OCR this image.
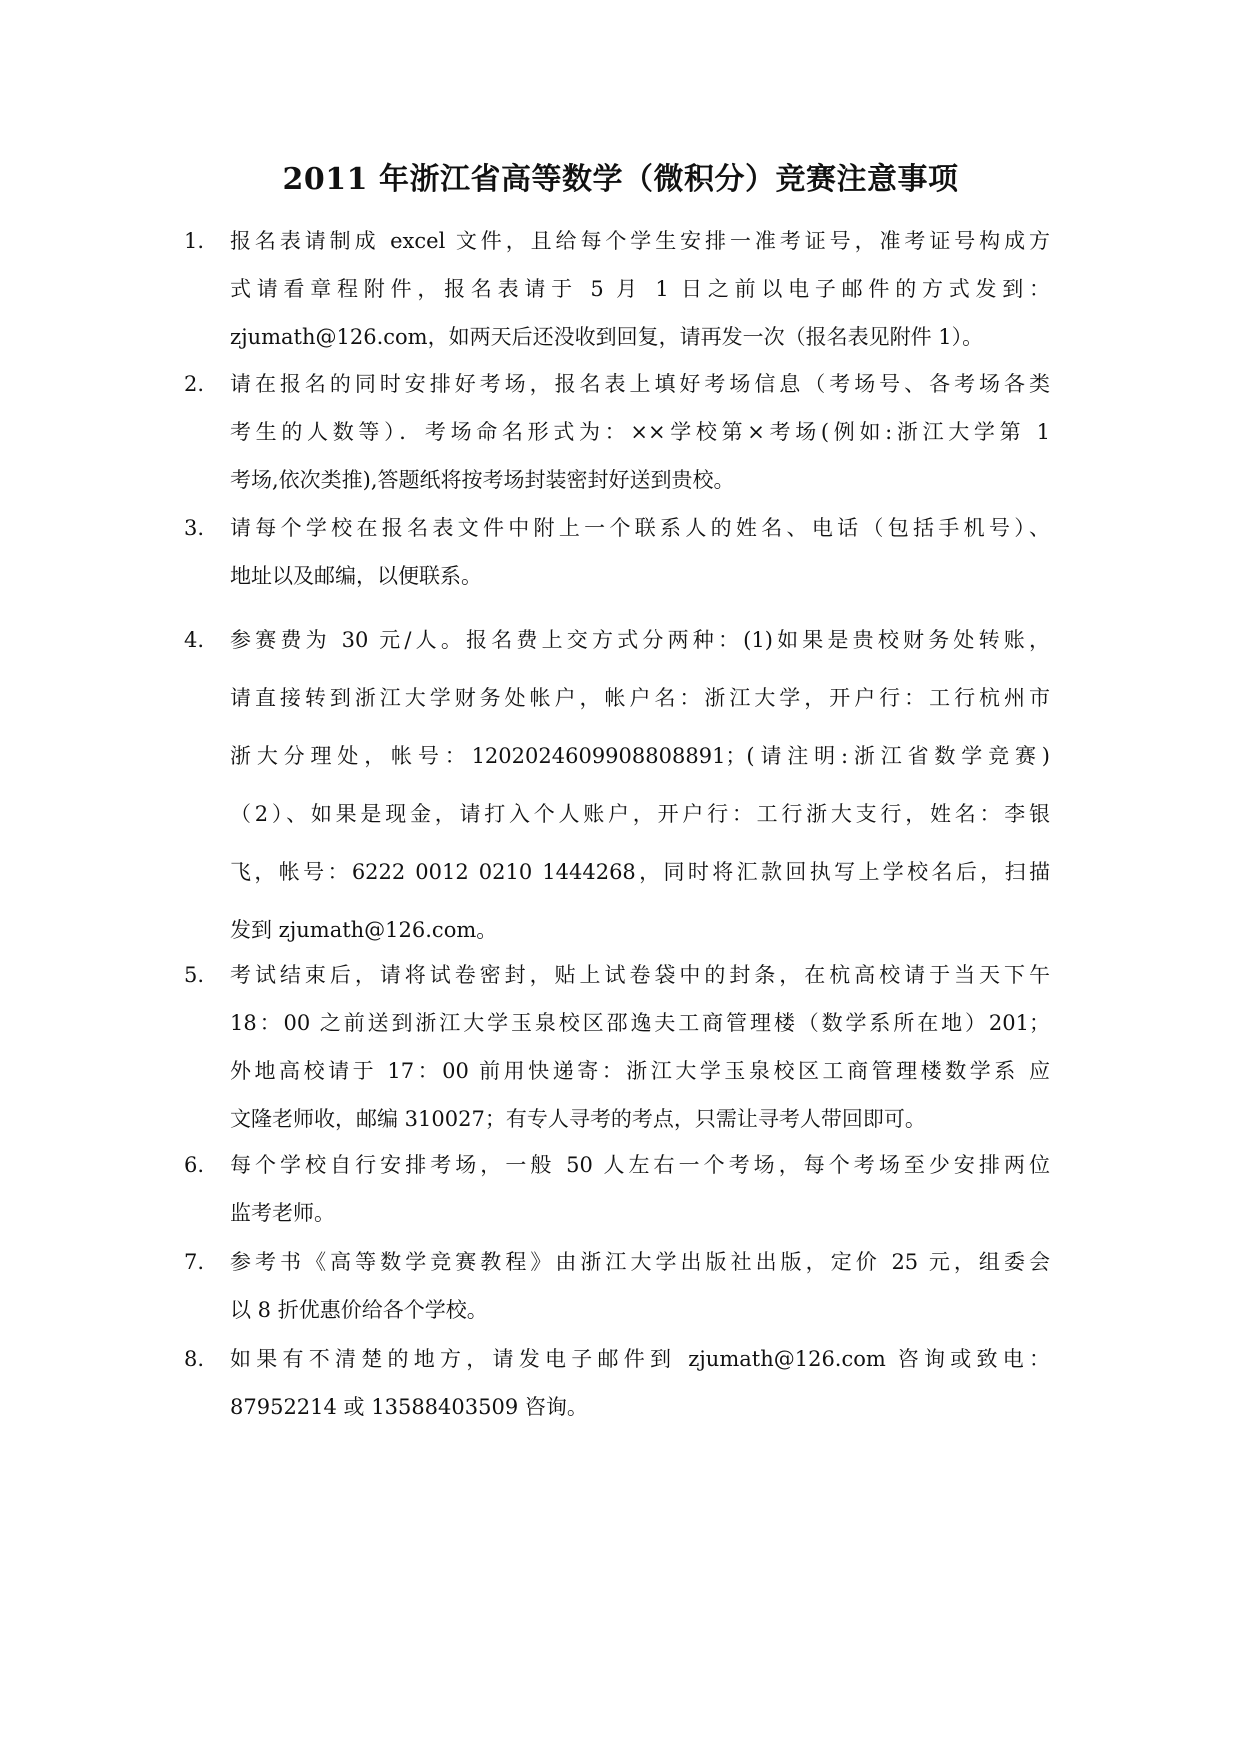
2011 年浙江省高等数学（微积分）竞赛注意事项
1. 报名表请制成 excel 文件，且给每个学生安排一准考证号，准考证号构成方
式请看章程附件，报名表请于 5 月 1 日之前以电子邮件的方式发到：
zjumath@126.com，如两天后还没收到回复，请再发一次（报名表见附件 1）。
2. 请在报名的同时安排好考场，报名表上填好考场信息（考场号、各考场各类
考生的人数等）．考场命名形式为：××学校第×考场(例如:浙江大学第 1
考场,依次类推),答题纸将按考场封装密封好送到贵校。
3. 请每个学校在报名表文件中附上一个联系人的姓名、电话（包括手机号）、
地址以及邮编，以便联系。
4. 参赛费为 30 元/人。报名费上交方式分两种：(1)如果是贵校财务处转账，
请直接转到浙江大学财务处帐户，帐户名：浙江大学，开户行：工行杭州市
浙大分理处，帐号：1202024609908808891；(请注明:浙江省数学竞赛)
（2）、如果是现金，请打入个人账户，开户行：工行浙大支行，姓名：李银
飞，帐号：6222 0012 0210 1444268，同时将汇款回执写上学校名后，扫描
发到 zjumath@126.com。
5. 考试结束后，请将试卷密封，贴上试卷袋中的封条，在杭高校请于当天下午
18：00 之前送到浙江大学玉泉校区邵逸夫工商管理楼（数学系所在地）201；
外地高校请于 17：00 前用快递寄：浙江大学玉泉校区工商管理楼数学系 应
文隆老师收，邮编 310027；有专人寻考的考点，只需让寻考人带回即可。
6. 每个学校自行安排考场，一般 50 人左右一个考场，每个考场至少安排两位
监考老师。
7. 参考书《高等数学竞赛教程》由浙江大学出版社出版，定价 25 元，组委会
以 8 折优惠价给各个学校。
8. 如果有不清楚的地方，请发电子邮件到 zjumath@126.com 咨询或致电：
87952214 或 13588403509 咨询。
